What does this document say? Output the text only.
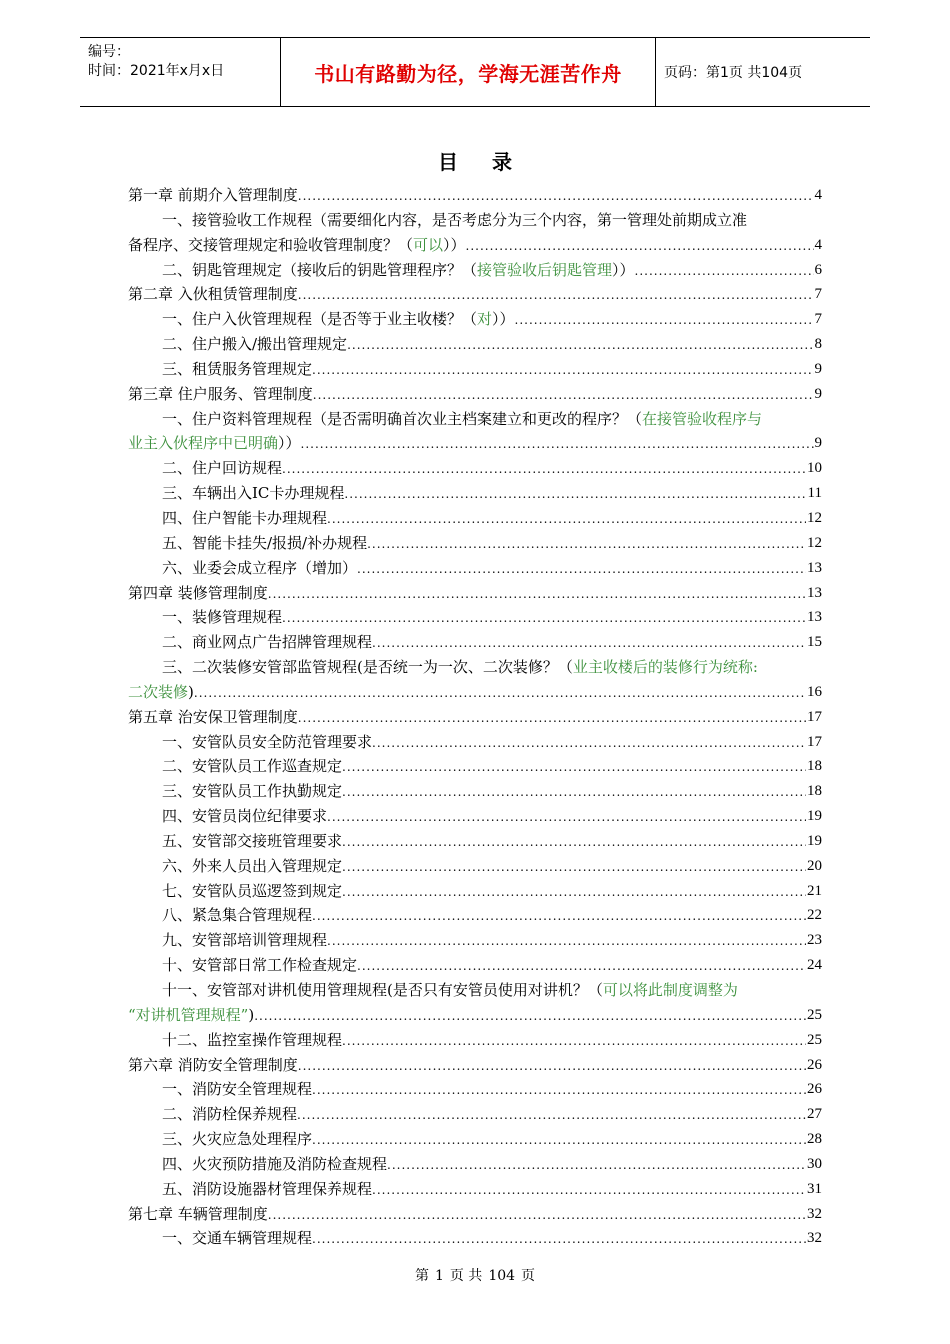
编号：
时间：2021年x月x日	书山有路勤为径，学海无涯苦作舟	页码：第1页 共104页
目录
第一章 前期介入管理制度 .....	4
一、接管验收工作规程（需要细化内容，是否考虑分为三个内容，第一管理处前期成立准
备程序、交接管理规定和验收管理制度？（可以）） .....	4
二、钥匙管理规定（接收后的钥匙管理程序？（接管验收后钥匙管理）） .....	6
第二章 入伙租赁管理制度 .....	7
一、住户入伙管理规程（是否等于业主收楼？（对）） .....	7
二、住户搬入/搬出管理规定 .....	8
三、租赁服务管理规定 .....	9
第三章 住户服务、管理制度 .....	9
一、住户资料管理规程（是否需明确首次业主档案建立和更改的程序？（在接管验收程序与
业主入伙程序中已明确）） .....	9
二、住户回访规程 .....	10
三、车辆出入IC卡办理规程 .....	11
四、住户智能卡办理规程 .....	12
五、智能卡挂失/报损/补办规程 .....	12
六、业委会成立程序（增加） .....	13
第四章 装修管理制度 .....	13
一、装修管理规程 .....	13
二、商业网点广告招牌管理规程 .....	15
三、二次装修安管部监管规程(是否统一为一次、二次装修？（业主收楼后的装修行为统称:
二次装修) .....	16
第五章 治安保卫管理制度 .....	17
一、安管队员安全防范管理要求 .....	17
二、安管队员工作巡查规定 .....	18
三、安管队员工作执勤规定 .....	18
四、安管员岗位纪律要求 .....	19
五、安管部交接班管理要求 .....	19
六、外来人员出入管理规定 .....	20
七、安管队员巡逻签到规定 .....	21
八、紧急集合管理规程 .....	22
九、安管部培训管理规程 .....	23
十、安管部日常工作检查规定 .....	24
十一、安管部对讲机使用管理规程(是否只有安管员使用对讲机？（可以将此制度调整为
“对讲机管理规程”) .....	25
十二、监控室操作管理规程 .....	25
第六章 消防安全管理制度 .....	26
一、消防安全管理规程 .....	26
二、消防栓保养规程 .....	27
三、火灾应急处理程序 .....	28
四、火灾预防措施及消防检查规程 .....	30
五、消防设施器材管理保养规程 .....	31
第七章 车辆管理制度 .....	32
一、交通车辆管理规程 .....	32
第 1 页 共 104 页
